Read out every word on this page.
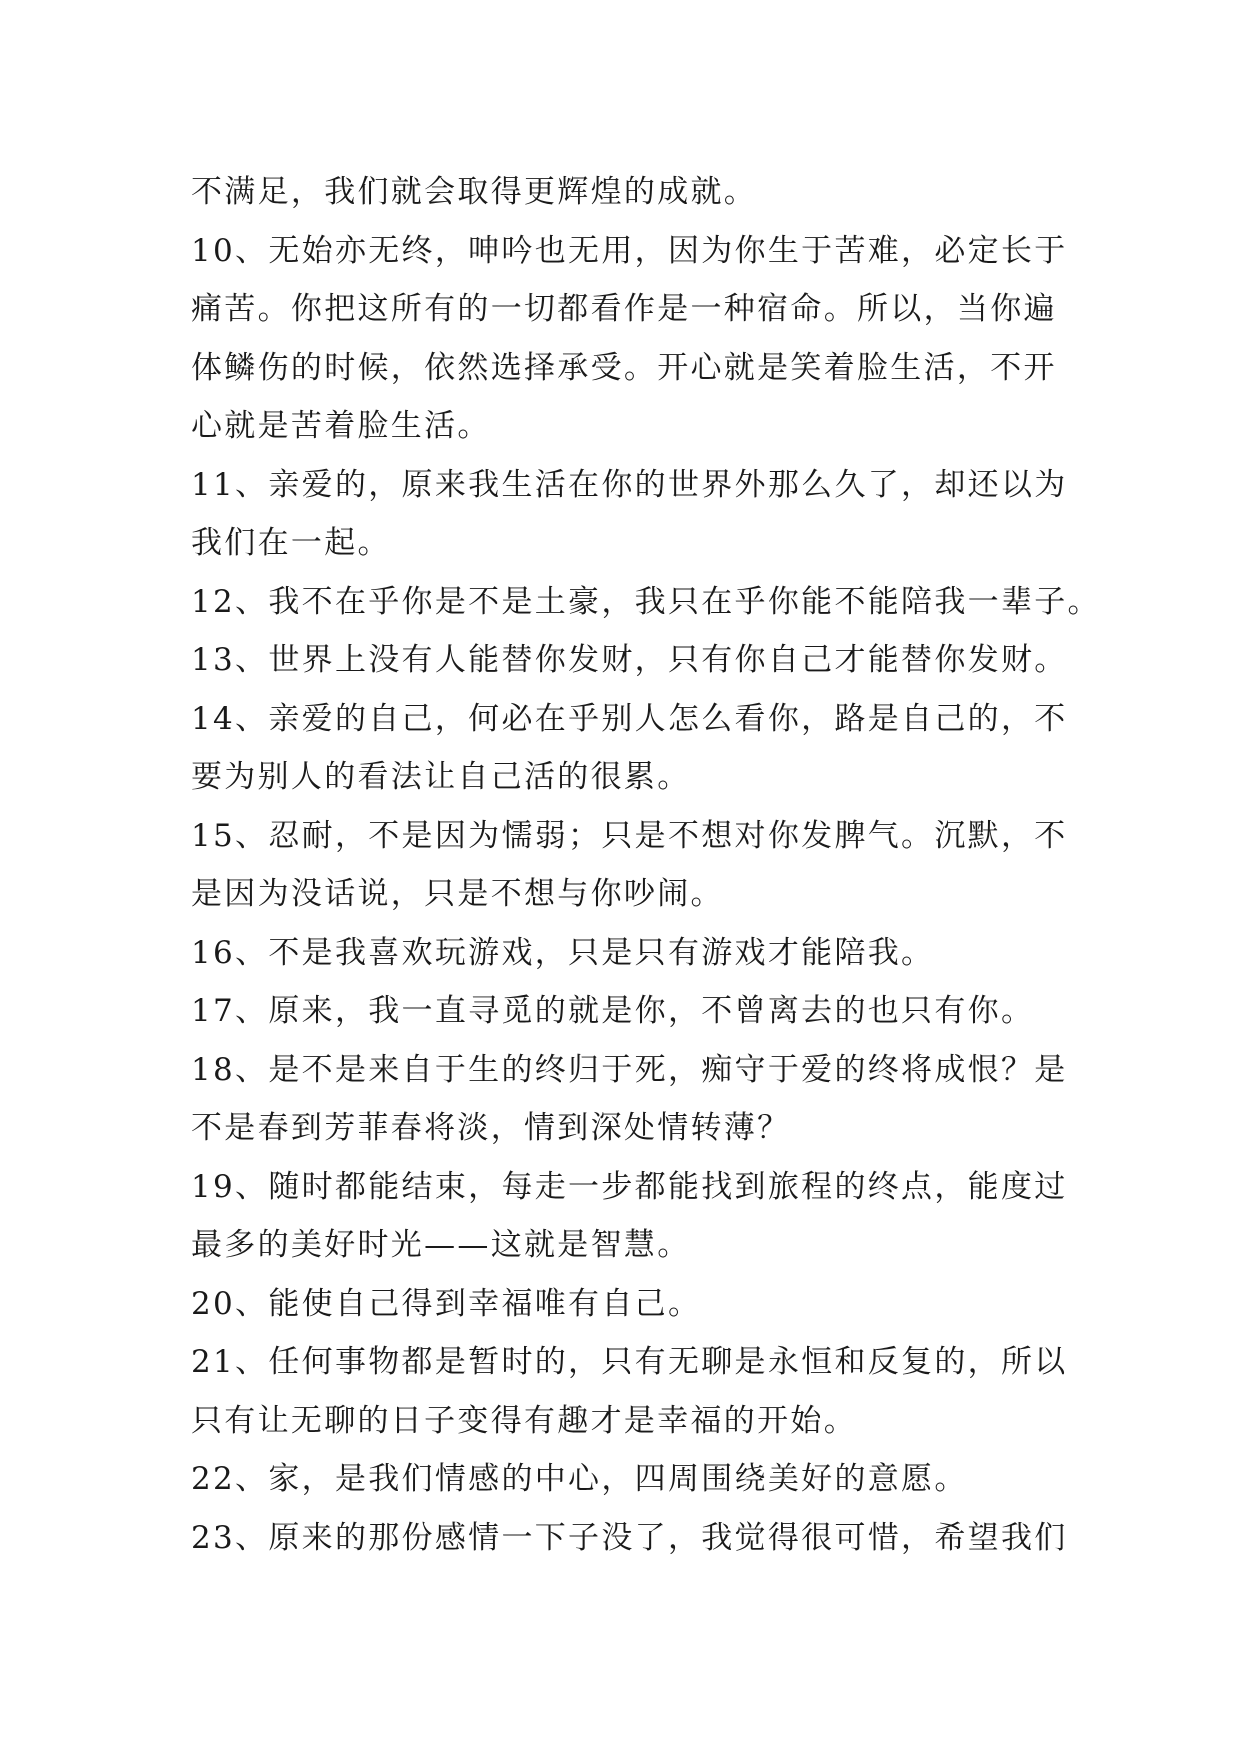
不满足，我们就会取得更辉煌的成就。
10、无始亦无终，呻吟也无用，因为你生于苦难，必定长于
痛苦。你把这所有的一切都看作是一种宿命。所以，当你遍
体鳞伤的时候，依然选择承受。开心就是笑着脸生活，不开
心就是苦着脸生活。
11、亲爱的，原来我生活在你的世界外那么久了，却还以为
我们在一起。
12、我不在乎你是不是土豪，我只在乎你能不能陪我一辈子。
13、世界上没有人能替你发财，只有你自己才能替你发财。
14、亲爱的自己，何必在乎别人怎么看你，路是自己的，不
要为别人的看法让自己活的很累。
15、忍耐，不是因为懦弱；只是不想对你发脾气。沉默，不
是因为没话说，只是不想与你吵闹。
16、不是我喜欢玩游戏，只是只有游戏才能陪我。
17、原来，我一直寻觅的就是你，不曾离去的也只有你。
18、是不是来自于生的终归于死，痴守于爱的终将成恨？是
不是春到芳菲春将淡，情到深处情转薄？
19、随时都能结束，每走一步都能找到旅程的终点，能度过
最多的美好时光——这就是智慧。
20、能使自己得到幸福唯有自己。
21、任何事物都是暂时的，只有无聊是永恒和反复的，所以
只有让无聊的日子变得有趣才是幸福的开始。
22、家，是我们情感的中心，四周围绕美好的意愿。
23、原来的那份感情一下子没了，我觉得很可惜，希望我们
